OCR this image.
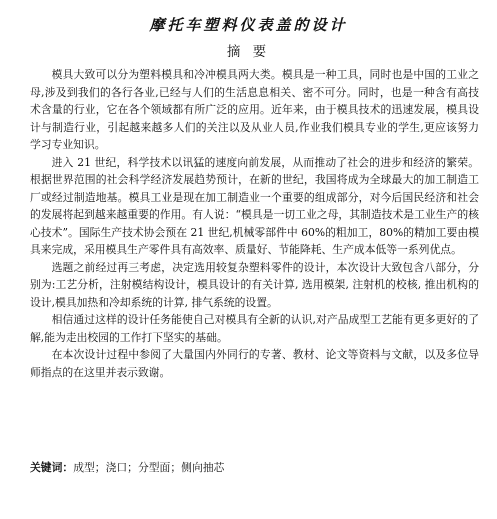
摩托车塑料仪表盖的设计
摘 要

模具大致可以分为塑料模具和冷冲模具两大类。模具是一种工具，同时也是中国的工业之母,涉及到我们的各行各业,已经与人们的生活息息相关、密不可分。同时，也是一种含有高技术含量的行业，它在各个领域都有所广泛的应用。近年来，由于模具技术的迅速发展，模具设计与制造行业，引起越来越多人们的关注以及从业人员,作业我们模具专业的学生,更应该努力学习专业知识。

进入 21 世纪，科学技术以讯猛的速度向前发展，从而推动了社会的进步和经济的繁荣。根据世界范围的社会科学经济发展趋势预计，在新的世纪，我国将成为全球最大的加工制造工厂或经过制造地基。模具工业是现在加工制造业一个重要的组成部分，对今后国民经济和社会的发展将起到越来越重要的作用。有人说：“模具是一切工业之母，其制造技术是工业生产的核心技术”。国际生产技术协会预在 21 世纪,机械零部件中 60%的粗加工，80%的精加工要由模具来完成，采用模具生产零件具有高效率、质量好、节能降耗、生产成本低等一系列优点。

选题之前经过再三考虑，决定选用较复杂塑料零件的设计，本次设计大致包含八部分，分别为:工艺分析，注射模结构设计，模具设计的有关计算, 选用模架, 注射机的校核, 推出机构的设计,模具加热和冷却系统的计算, 排气系统的设置。

相信通过这样的设计任务能使自己对模具有全新的认识,对产品成型工艺能有更多更好的了解,能为走出校园的工作打下坚实的基础。

在本次设计过程中参阅了大量国内外同行的专著、教材、论文等资料与文献，以及多位导师指点的在这里并表示致谢。

关键词：成型；浇口；分型面；侧向抽芯
